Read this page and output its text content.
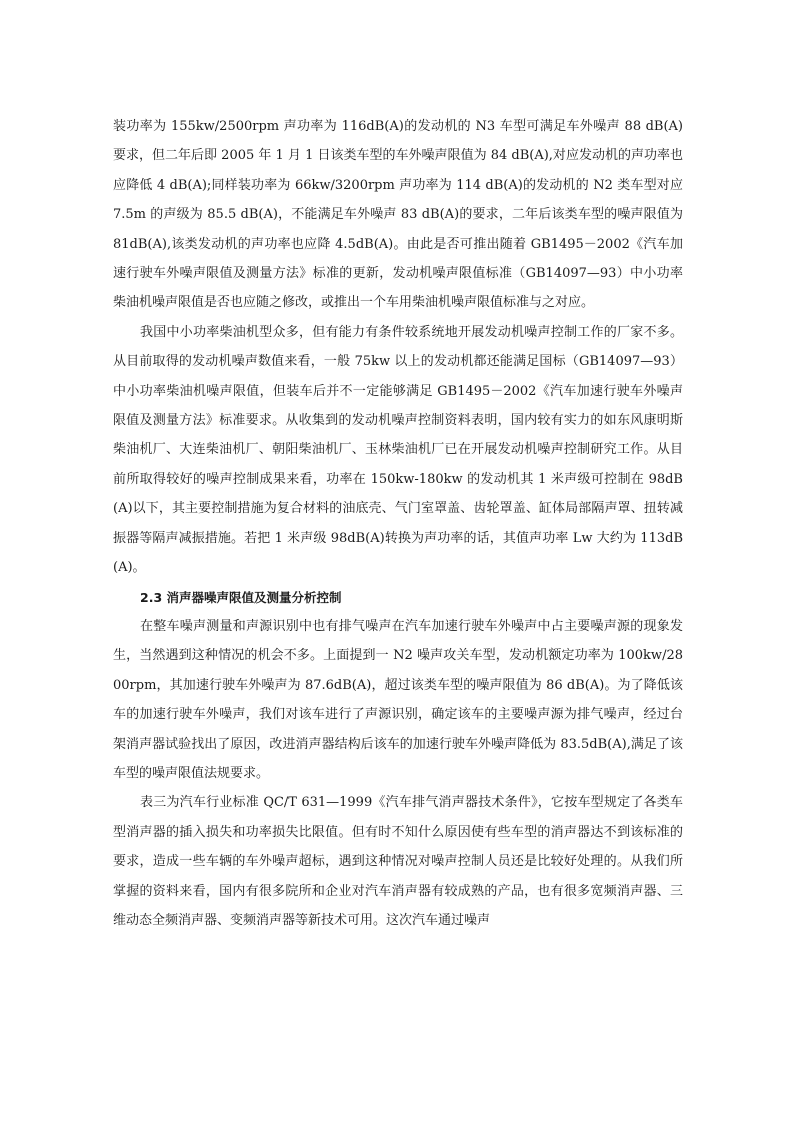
装功率为 155kw/2500rpm 声功率为 116dB(A)的发动机的 N3 车型可满足车外噪声 88 dB(A)要求，但二年后即 2005 年 1 月 1 日该类车型的车外噪声限值为 84 dB(A),对应发动机的声功率也应降低 4 dB(A);同样装功率为 66kw/3200rpm 声功率为 114 dB(A)的发动机的 N2 类车型对应 7.5m 的声级为 85.5 dB(A)，不能满足车外噪声 83 dB(A)的要求，二年后该类车型的噪声限值为 81dB(A),该类发动机的声功率也应降 4.5dB(A)。由此是否可推出随着 GB1495－2002《汽车加速行驶车外噪声限值及测量方法》标准的更新，发动机噪声限值标准（GB14097—93）中小功率柴油机噪声限值是否也应随之修改，或推出一个车用柴油机噪声限值标准与之对应。

我国中小功率柴油机型众多，但有能力有条件较系统地开展发动机噪声控制工作的厂家不多。从目前取得的发动机噪声数值来看，一般 75kw 以上的发动机都还能满足国标（GB14097—93）中小功率柴油机噪声限值，但装车后并不一定能够满足 GB1495－2002《汽车加速行驶车外噪声限值及测量方法》标准要求。从收集到的发动机噪声控制资料表明，国内较有实力的如东风康明斯柴油机厂、大连柴油机厂、朝阳柴油机厂、玉林柴油机厂已在开展发动机噪声控制研究工作。从目前所取得较好的噪声控制成果来看，功率在 150kw-180kw 的发动机其 1 米声级可控制在 98dB(A)以下，其主要控制措施为复合材料的油底壳、气门室罩盖、齿轮罩盖、缸体局部隔声罩、扭转减振器等隔声减振措施。若把 1 米声级 98dB(A)转换为声功率的话，其值声功率 Lw 大约为 113dB(A)。

2.3 消声器噪声限值及测量分析控制

在整车噪声测量和声源识别中也有排气噪声在汽车加速行驶车外噪声中占主要噪声源的现象发生，当然遇到这种情况的机会不多。上面提到一 N2 噪声攻关车型，发动机额定功率为 100kw/2800rpm，其加速行驶车外噪声为 87.6dB(A)，超过该类车型的噪声限值为 86 dB(A)。为了降低该车的加速行驶车外噪声，我们对该车进行了声源识别，确定该车的主要噪声源为排气噪声，经过台架消声器试验找出了原因，改进消声器结构后该车的加速行驶车外噪声降低为 83.5dB(A),满足了该车型的噪声限值法规要求。

表三为汽车行业标准 QC/T 631—1999《汽车排气消声器技术条件》，它按车型规定了各类车型消声器的插入损失和功率损失比限值。但有时不知什么原因使有些车型的消声器达不到该标准的要求，造成一些车辆的车外噪声超标，遇到这种情况对噪声控制人员还是比较好处理的。从我们所掌握的资料来看，国内有很多院所和企业对汽车消声器有较成熟的产品，也有很多宽频消声器、三维动态全频消声器、变频消声器等新技术可用。这次汽车通过噪声
